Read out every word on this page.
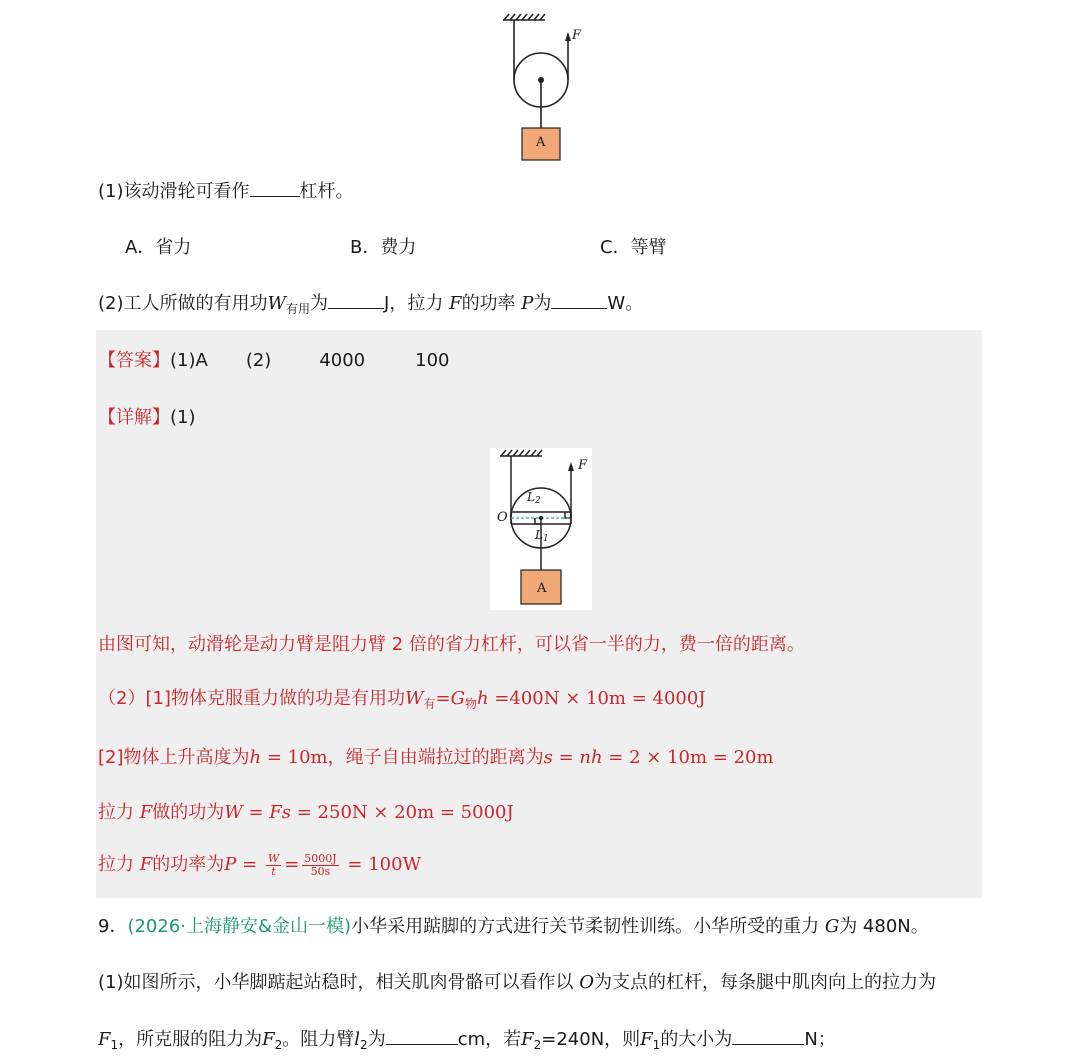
F
A
(1)该动滑轮可看作	杠杆。
A．省力	B．费力	C．等臂
(2)工人所做的有用功$W_{有用}$为	J，拉力 F的功率 P为	W。
【答案】(1)A (2)	4000	100
【详解】(1)
F
O
L2
L1
A
由图可知，动滑轮是动力臂是阻力臂 2 倍的省力杠杆，可以省一半的力，费一倍的距离。
（2）[1]物体克服重力做的功是有用功$W_有=G_物h =400N \times 10m = 4000J$
[2]物体上升高度为h = 10m，绳子自由端拉过的距离为s = nh = 2 × 10m = 20m
拉力 F做的功为W = Fs = 250N × 20m = 5000J
拉力 F的功率为$P = \frac{W}{t} = \frac{5000J}{50s} = 100W$
9．(2026·上海静安&金山一模)小华采用踮脚的方式进行关节柔韧性训练。小华所受的重力 G为 480N。
(1)如图所示，小华脚踮起站稳时，相关肌肉骨骼可以看作以 O为支点的杠杆，每条腿中肌肉向上的拉力为
$F_1$，所克服的阻力为$F_2$。阻力臂$l_2$为	cm，若$F_2=240N$，则$F_1$的大小为	N；
